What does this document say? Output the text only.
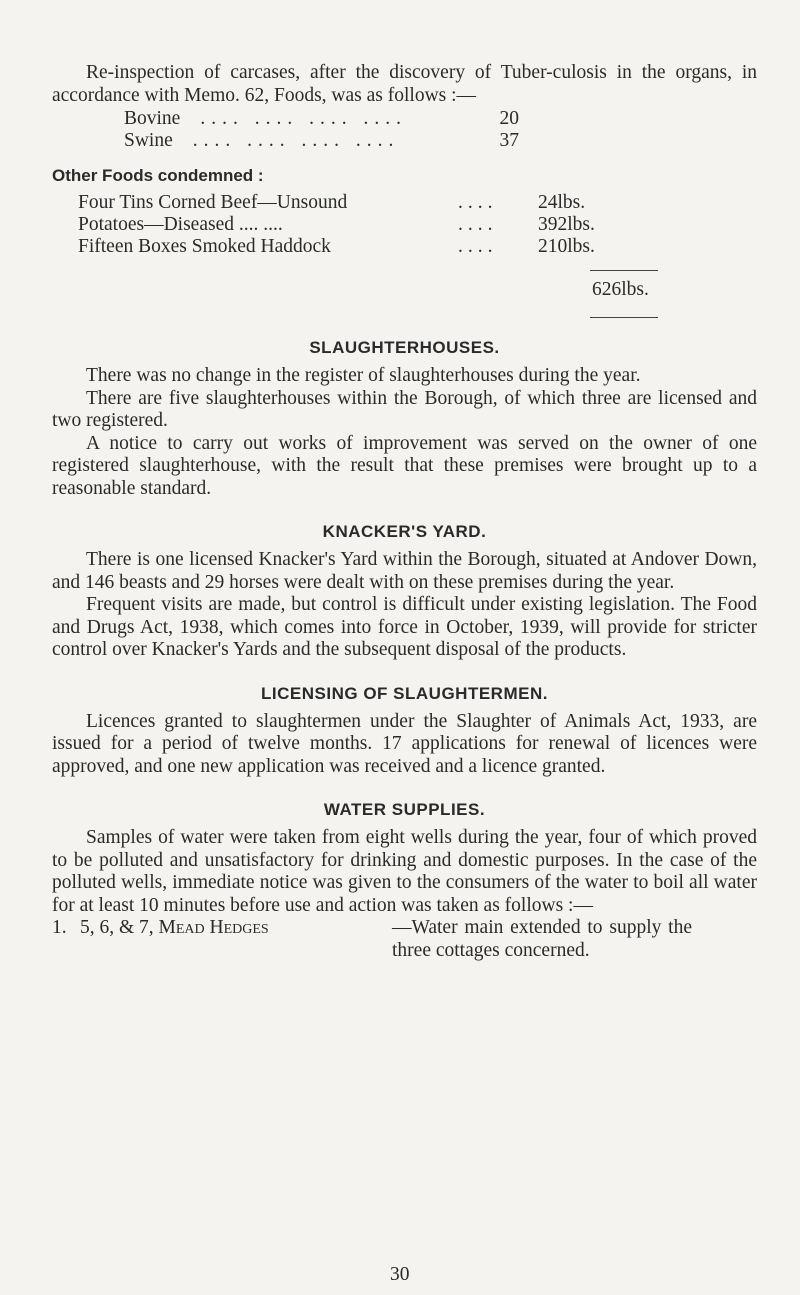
Re-inspection of carcases, after the discovery of Tuber-culosis in the organs, in accordance with Memo. 62, Foods, was as follows :—

Bovine	.... .... .... ....	20
Swine	.... .... .... ....	37
Other Foods condemned :
Four Tins Corned Beef—Unsound	....	24lbs.
Potatoes—Diseased .... ....	....	392lbs.
Fifteen Boxes Smoked Haddock	....	210lbs.
626lbs.
SLAUGHTERHOUSES.

There was no change in the register of slaughterhouses during the year.

There are five slaughterhouses within the Borough, of which three are licensed and two registered.

A notice to carry out works of improvement was served on the owner of one registered slaughterhouse, with the result that these premises were brought up to a reasonable standard.

KNACKER'S YARD.

There is one licensed Knacker's Yard within the Borough, situated at Andover Down, and 146 beasts and 29 horses were dealt with on these premises during the year.

Frequent visits are made, but control is difficult under existing legislation. The Food and Drugs Act, 1938, which comes into force in October, 1939, will provide for stricter control over Knacker's Yards and the subsequent disposal of the products.

LICENSING OF SLAUGHTERMEN.

Licences granted to slaughtermen under the Slaughter of Animals Act, 1933, are issued for a period of twelve months. 17 applications for renewal of licences were approved, and one new application was received and a licence granted.

WATER SUPPLIES.

Samples of water were taken from eight wells during the year, four of which proved to be polluted and unsatisfactory for drinking and domestic purposes. In the case of the polluted wells, immediate notice was given to the consumers of the water to boil all water for at least 10 minutes before use and action was taken as follows :—

1. 5, 6, & 7, Mead Hedges	—Water main extended to supply the three cottages concerned.
30
